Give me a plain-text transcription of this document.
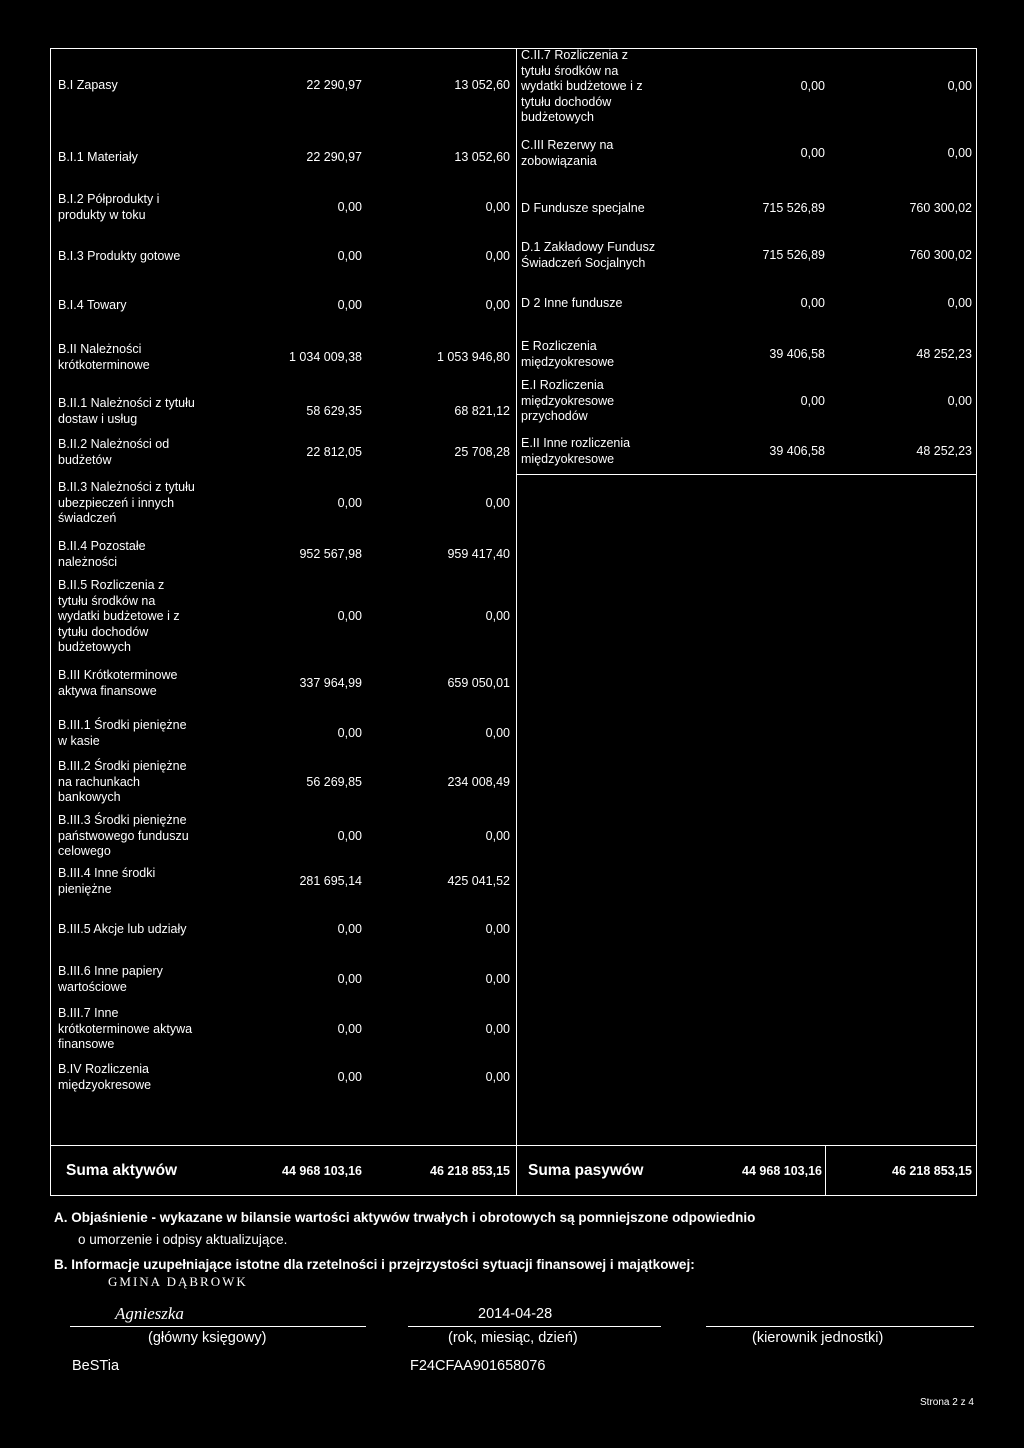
B.I Zapasy	22 290,97	13 052,60
B.I.1 Materiały	22 290,97	13 052,60
B.I.2 Półprodukty i
produkty w toku
0,00	0,00
B.I.3 Produkty gotowe	0,00	0,00
B.I.4 Towary	0,00	0,00
B.II Należności
krótkoterminowe
1 034 009,38	1 053 946,80
B.II.1 Należności z tytułu
dostaw i usług
58 629,35	68 821,12
B.II.2 Należności od
budżetów
22 812,05	25 708,28
B.II.3 Należności z tytułu
ubezpieczeń i innych
świadczeń
0,00	0,00
B.II.4 Pozostałe
należności
952 567,98	959 417,40
B.II.5 Rozliczenia z
tytułu środków na
wydatki budżetowe i z
tytułu dochodów
budżetowych
0,00	0,00
B.III Krótkoterminowe
aktywa finansowe
337 964,99	659 050,01
B.III.1 Środki pieniężne
w kasie
0,00	0,00
B.III.2 Środki pieniężne
na rachunkach
bankowych
56 269,85	234 008,49
B.III.3 Środki pieniężne
państwowego funduszu
celowego
0,00	0,00
B.III.4 Inne środki
pieniężne
281 695,14	425 041,52
B.III.5 Akcje lub udziały	0,00	0,00
B.III.6 Inne papiery
wartościowe
0,00	0,00
B.III.7 Inne
krótkoterminowe aktywa
finansowe
0,00	0,00
B.IV Rozliczenia
międzyokresowe
0,00	0,00
C.II.7 Rozliczenia z
tytułu środków na
wydatki budżetowe i z
tytułu dochodów
budżetowych
0,00	0,00
C.III Rezerwy na
zobowiązania
0,00	0,00
D Fundusze specjalne	715 526,89	760 300,02
D.1 Zakładowy Fundusz
Świadczeń Socjalnych
715 526,89	760 300,02
D 2 Inne fundusze	0,00	0,00
E Rozliczenia
międzyokresowe
39 406,58	48 252,23
E.I Rozliczenia
międzyokresowe
przychodów
0,00	0,00
E.II Inne rozliczenia
międzyokresowe
39 406,58	48 252,23
Suma aktywów	44 968 103,16	46 218 853,15 Suma pasywów	44 968 103,16	46 218 853,15
A. Objaśnienie - wykazane w bilansie wartości aktywów trwałych i obrotowych są pomniejszone odpowiednio
o umorzenie i odpisy aktualizujące.
B. Informacje uzupełniające istotne dla rzetelności i przejrzystości sytuacji finansowej i majątkowej:
GMINA DĄBROWK
Agnieszka	2014-04-28
(główny księgowy)	(rok, miesiąc, dzień)	(kierownik jednostki)
BeSTia	F24CFAA901658076
Strona 2 z 4
